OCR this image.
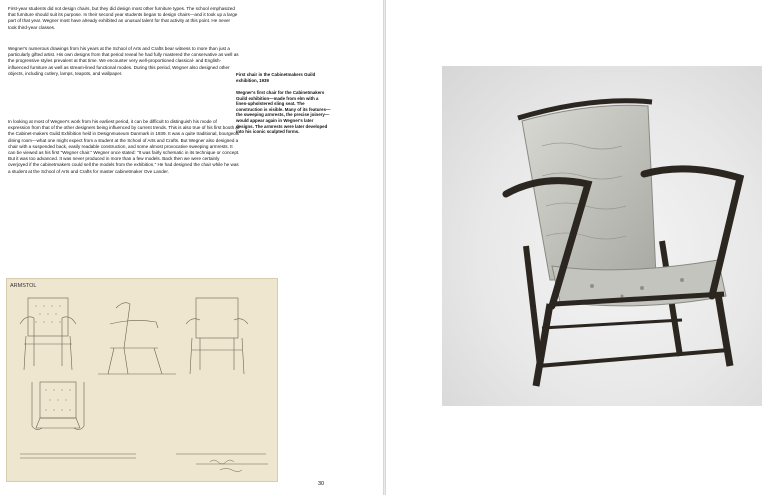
First-year students did not design chairs, but they did design most other furniture types. The school emphasized that furniture should suit its purpose. In their second year students began to design chairs—and it took up a large part of that year. Wegner most have already exhibited an unusual talent for that activity at this point. He never took third-year classes.

Wegner's numerous drawings from his years at the School of Arts and Crafts bear witness to more than just a particularly gifted artist. His own designs from that period reveal he had fully mastered the conservative as well as the progressive styles prevalent at that time. We encounter very well-proportioned classical- and English-influenced furniture as well as stream-lined functional modes. During this period, Wegner also designed other objects, including cutlery, lamps, teapots, and wallpaper.

In looking at most of Wegner's work from his earliest period, it can be difficult to distinguish his mode of expression from that of the other designers being influenced by current trends. This is also true of his first booth at the Cabinet-makers Guild Exhibition held in Designmuseum Danmark in 1939. It was a quite traditional, bourgeois dining room—what one might expect from a student at the School of Arts and Crafts. But Wegner also designed a chair with a suspended back, easily readable construction, and some almost provocative sweeping armrests. It can be viewed as his first "Wegner chair." Wegner once stated: "It was fairly schematic in its technique or concept. But it was too advanced. It was never produced in more than a few models. Back then we were certainly overjoyed if the cabinetmakers could sell the models from the exhibition." He had designed the chair while he was a student at the School of Arts and Crafts for master cabinetmaker Ove Lander.

First chair in the Cabinetmakers Guild exhibition, 1939
Wegner's first chair for the Cabinetmakers Guild exhibition—made from elm with a linen-upholstered sling seat. The construction is visible. Many of its features—the sweeping armrests, the precise joinery—would appear again in Wegner's later designs. The armrests were later developed into his iconic sculpted forms.
ARMSTOL
30
